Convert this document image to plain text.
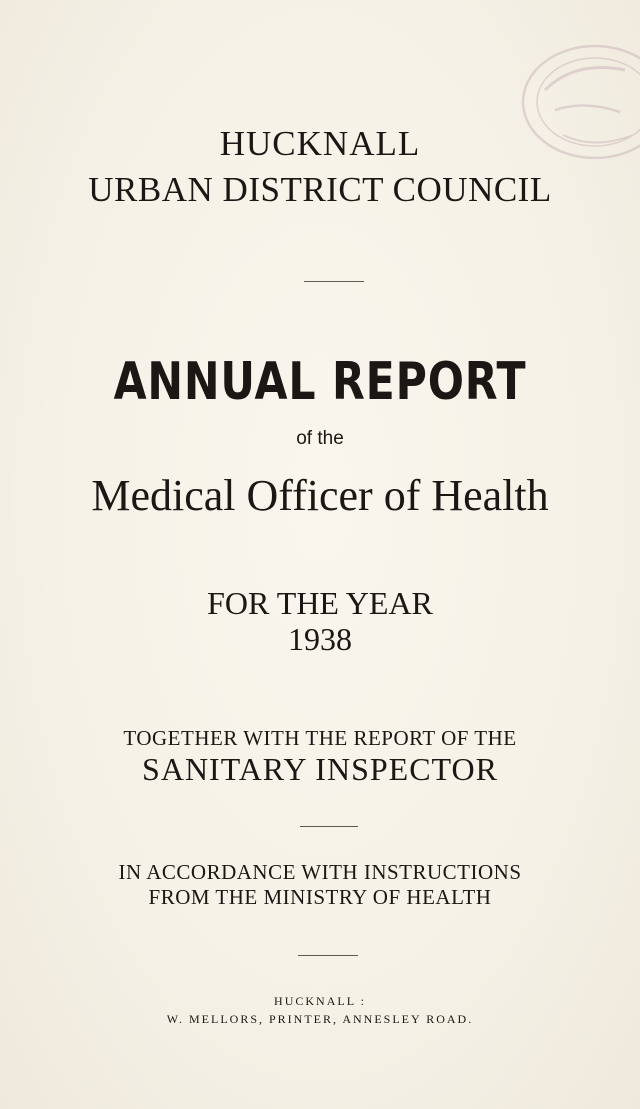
HUCKNALL

URBAN DISTRICT COUNCIL

ANNUAL REPORT

of the

Medical Officer of Health

FOR THE YEAR

1938

TOGETHER WITH THE REPORT OF THE

SANITARY INSPECTOR

IN ACCORDANCE WITH INSTRUCTIONS

FROM THE MINISTRY OF HEALTH

HUCKNALL :

W. MELLORS, PRINTER, ANNESLEY ROAD.
